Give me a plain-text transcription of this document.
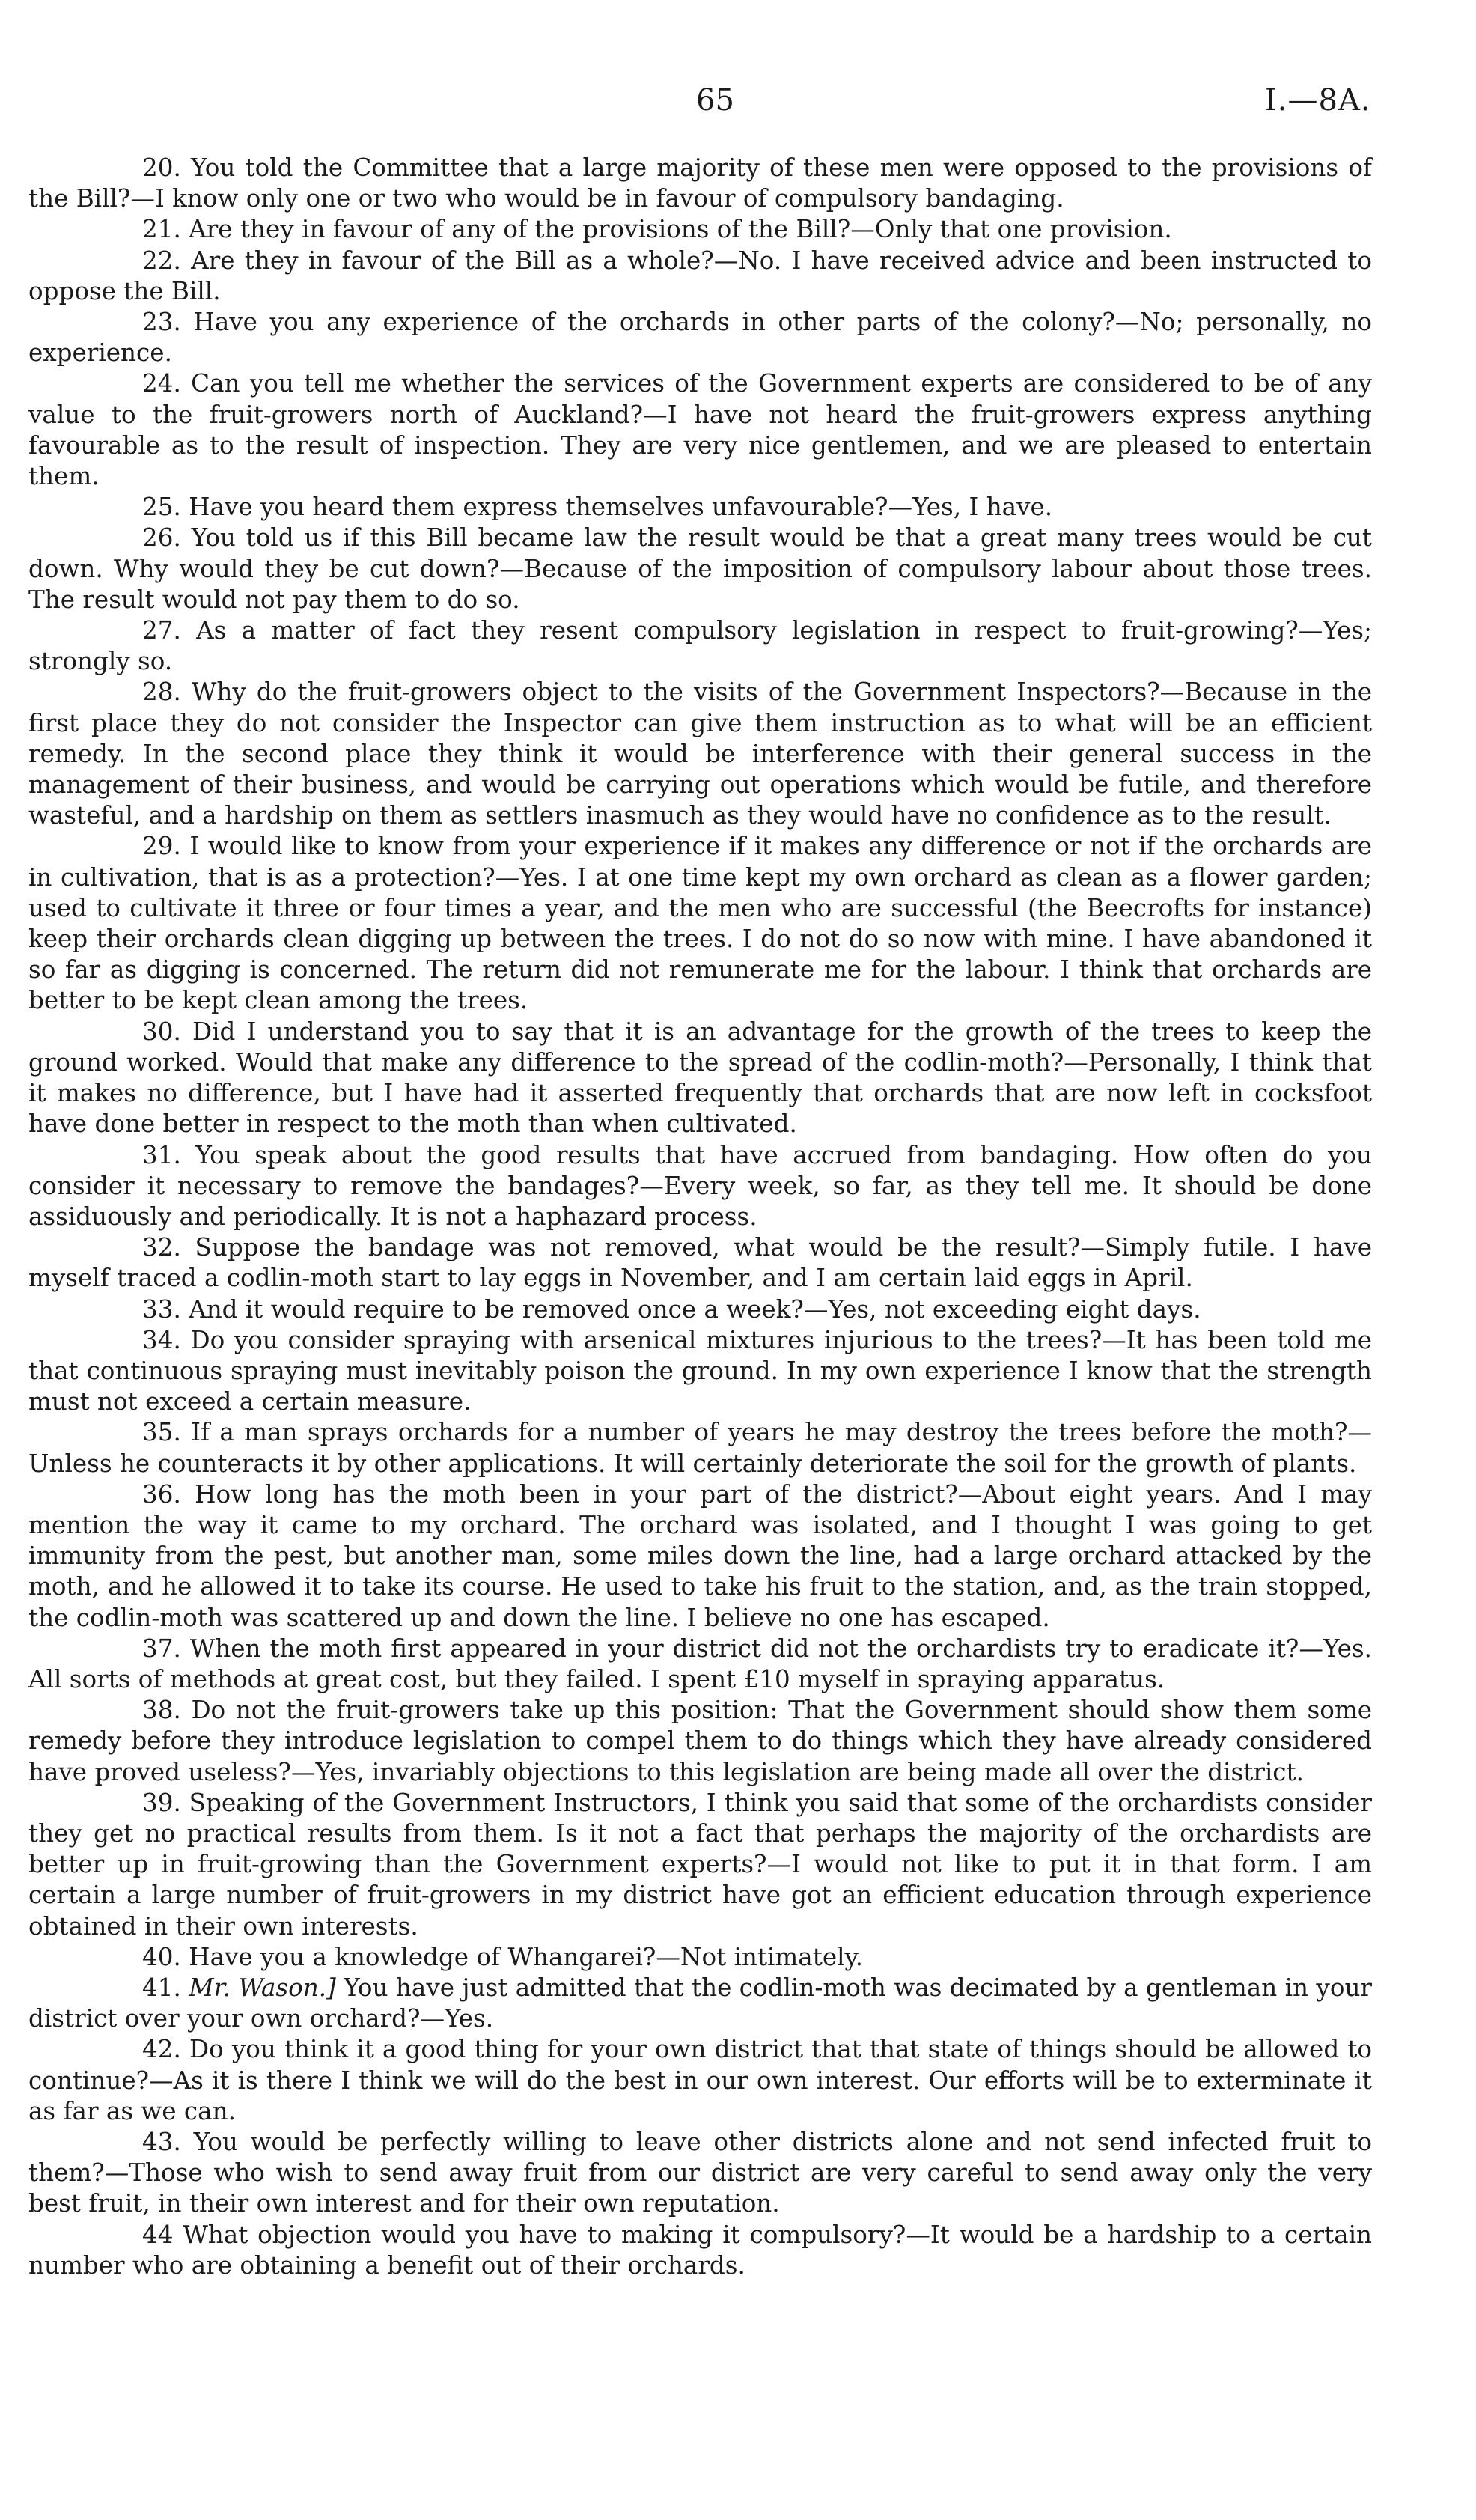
65	I.—8A.

20. You told the Committee that a large majority of these men were opposed to the provisions of the Bill?—I know only one or two who would be in favour of compulsory bandaging.

21. Are they in favour of any of the provisions of the Bill?—Only that one provision.

22. Are they in favour of the Bill as a whole?—No. I have received advice and been instructed to oppose the Bill.

23. Have you any experience of the orchards in other parts of the colony?—No; personally, no experience.

24. Can you tell me whether the services of the Government experts are considered to be of any value to the fruit-growers north of Auckland?—I have not heard the fruit-growers express anything favourable as to the result of inspection. They are very nice gentlemen, and we are pleased to entertain them.

25. Have you heard them express themselves unfavourable?—Yes, I have.

26. You told us if this Bill became law the result would be that a great many trees would be cut down. Why would they be cut down?—Because of the imposition of compulsory labour about those trees. The result would not pay them to do so.

27. As a matter of fact they resent compulsory legislation in respect to fruit-growing?—Yes; strongly so.

28. Why do the fruit-growers object to the visits of the Government Inspectors?—Because in the first place they do not consider the Inspector can give them instruction as to what will be an efficient remedy. In the second place they think it would be interference with their general success in the management of their business, and would be carrying out operations which would be futile, and therefore wasteful, and a hardship on them as settlers inasmuch as they would have no confidence as to the result.

29. I would like to know from your experience if it makes any difference or not if the orchards are in cultivation, that is as a protection?—Yes. I at one time kept my own orchard as clean as a flower garden; used to cultivate it three or four times a year, and the men who are successful (the Beecrofts for instance) keep their orchards clean digging up between the trees. I do not do so now with mine. I have abandoned it so far as digging is concerned. The return did not remunerate me for the labour. I think that orchards are better to be kept clean among the trees.

30. Did I understand you to say that it is an advantage for the growth of the trees to keep the ground worked. Would that make any difference to the spread of the codlin-moth?—Personally, I think that it makes no difference, but I have had it asserted frequently that orchards that are now left in cocksfoot have done better in respect to the moth than when cultivated.

31. You speak about the good results that have accrued from bandaging. How often do you consider it necessary to remove the bandages?—Every week, so far, as they tell me. It should be done assiduously and periodically. It is not a haphazard process.

32. Suppose the bandage was not removed, what would be the result?—Simply futile. I have myself traced a codlin-moth start to lay eggs in November, and I am certain laid eggs in April.

33. And it would require to be removed once a week?—Yes, not exceeding eight days.

34. Do you consider spraying with arsenical mixtures injurious to the trees?—It has been told me that continuous spraying must inevitably poison the ground. In my own experience I know that the strength must not exceed a certain measure.

35. If a man sprays orchards for a number of years he may destroy the trees before the moth?—Unless he counteracts it by other applications. It will certainly deteriorate the soil for the growth of plants.

36. How long has the moth been in your part of the district?—About eight years. And I may mention the way it came to my orchard. The orchard was isolated, and I thought I was going to get immunity from the pest, but another man, some miles down the line, had a large orchard attacked by the moth, and he allowed it to take its course. He used to take his fruit to the station, and, as the train stopped, the codlin-moth was scattered up and down the line. I believe no one has escaped.

37. When the moth first appeared in your district did not the orchardists try to eradicate it?—Yes. All sorts of methods at great cost, but they failed. I spent £10 myself in spraying apparatus.

38. Do not the fruit-growers take up this position: That the Government should show them some remedy before they introduce legislation to compel them to do things which they have already considered have proved useless?—Yes, invariably objections to this legislation are being made all over the district.

39. Speaking of the Government Instructors, I think you said that some of the orchardists consider they get no practical results from them. Is it not a fact that perhaps the majority of the orchardists are better up in fruit-growing than the Government experts?—I would not like to put it in that form. I am certain a large number of fruit-growers in my district have got an efficient education through experience obtained in their own interests.

40. Have you a knowledge of Whangarei?—Not intimately.

41. Mr. Wason.] You have just admitted that the codlin-moth was decimated by a gentleman in your district over your own orchard?—Yes.

42. Do you think it a good thing for your own district that that state of things should be allowed to continue?—As it is there I think we will do the best in our own interest. Our efforts will be to exterminate it as far as we can.

43. You would be perfectly willing to leave other districts alone and not send infected fruit to them?—Those who wish to send away fruit from our district are very careful to send away only the very best fruit, in their own interest and for their own reputation.

44 What objection would you have to making it compulsory?—It would be a hardship to a certain number who are obtaining a benefit out of their orchards.
